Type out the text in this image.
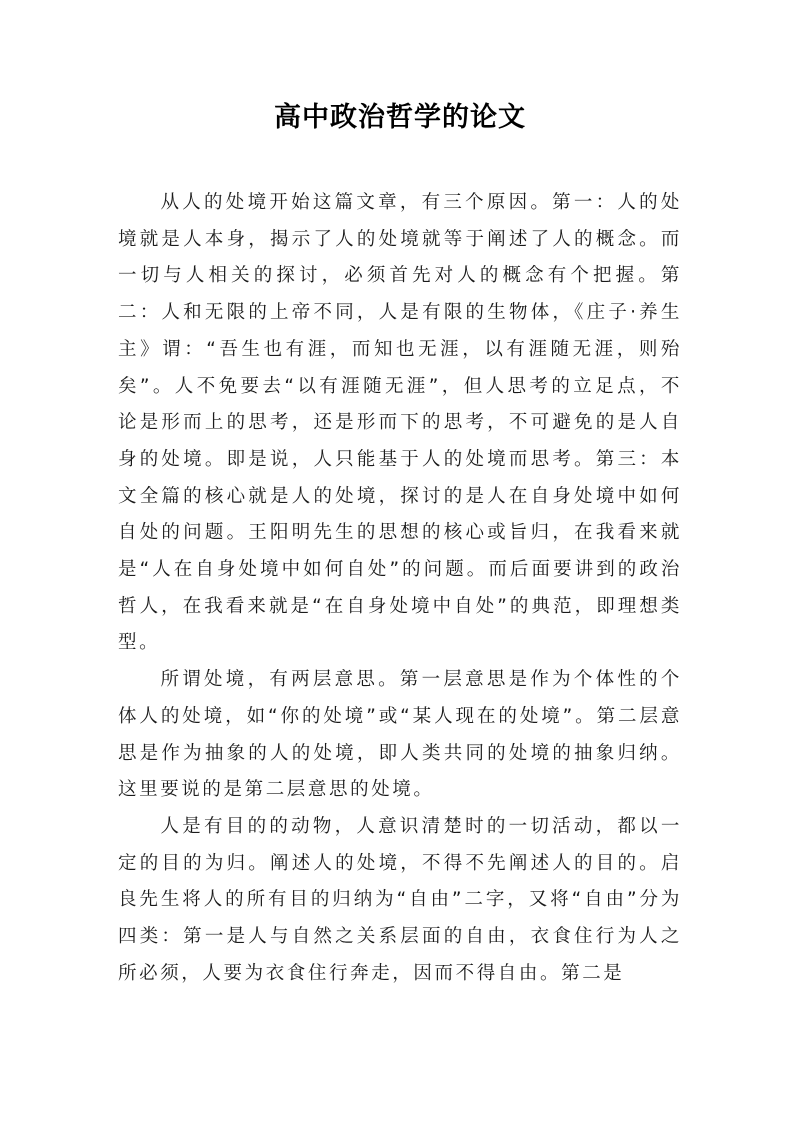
高中政治哲学的论文

从人的处境开始这篇文章，有三个原因。第一：人的处境就是人本身，揭示了人的处境就等于阐述了人的概念。而一切与人相关的探讨，必须首先对人的概念有个把握。第二：人和无限的上帝不同，人是有限的生物体，《庄子·养生主》谓：“吾生也有涯，而知也无涯，以有涯随无涯，则殆矣”。人不免要去“以有涯随无涯”，但人思考的立足点，不论是形而上的思考，还是形而下的思考，不可避免的是人自身的处境。即是说，人只能基于人的处境而思考。第三：本文全篇的核心就是人的处境，探讨的是人在自身处境中如何自处的问题。王阳明先生的思想的核心或旨归，在我看来就是“人在自身处境中如何自处”的问题。而后面要讲到的政治哲人，在我看来就是“在自身处境中自处”的典范，即理想类型。

所谓处境，有两层意思。第一层意思是作为个体性的个体人的处境，如“你的处境”或“某人现在的处境”。第二层意思是作为抽象的人的处境，即人类共同的处境的抽象归纳。这里要说的是第二层意思的处境。

人是有目的的动物，人意识清楚时的一切活动，都以一定的目的为归。阐述人的处境，不得不先阐述人的目的。启良先生将人的所有目的归纳为“自由”二字，又将“自由”分为四类：第一是人与自然之关系层面的自由，衣食住行为人之所必须，人要为衣食住行奔走，因而不得自由。第二是
